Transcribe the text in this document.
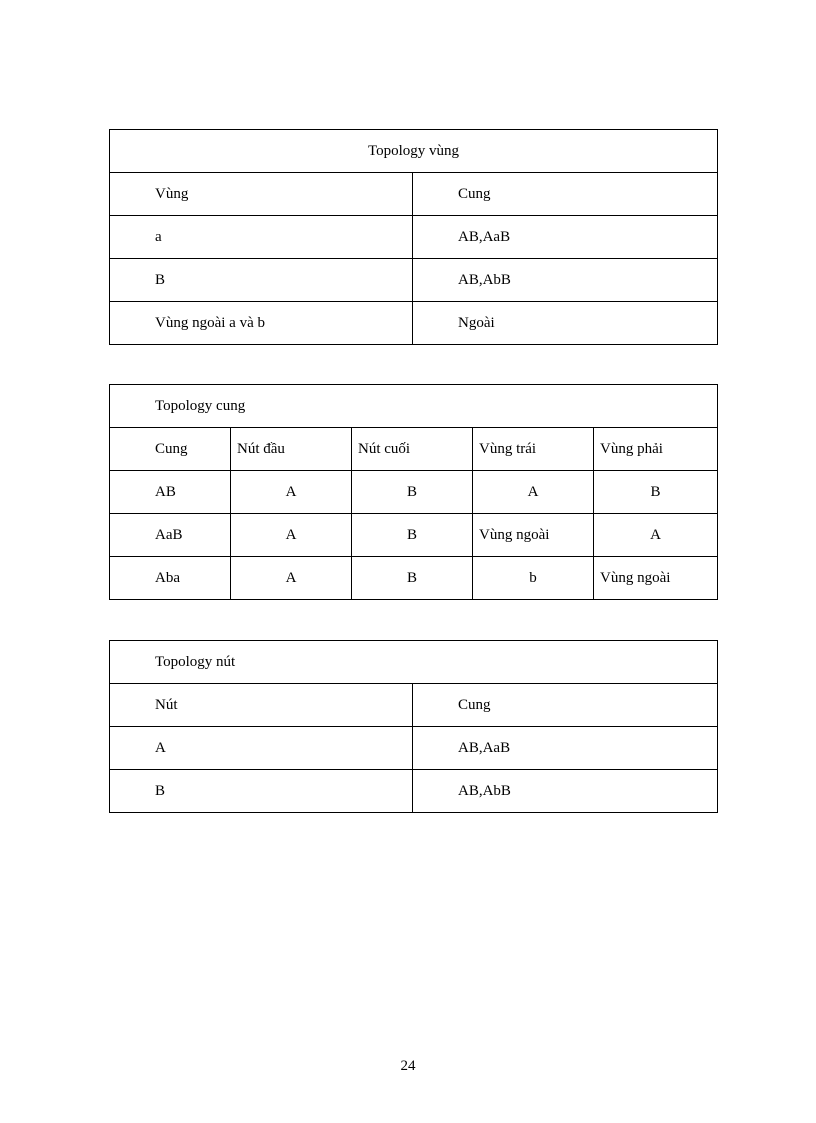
Topology vùng	
Vùng	Cung
a	AB,AaB
B	AB,AbB
Vùng ngoài a và b	Ngoài
Topology cung				
Cung	Nút đầu	Nút cuối	Vùng trái	Vùng phải
AB	A	B	A	B
AaB	A	B	Vùng ngoài	A
Aba	A	B	b	Vùng ngoài
Topology nút	
Nút	Cung
A	AB,AaB
B	AB,AbB
24
